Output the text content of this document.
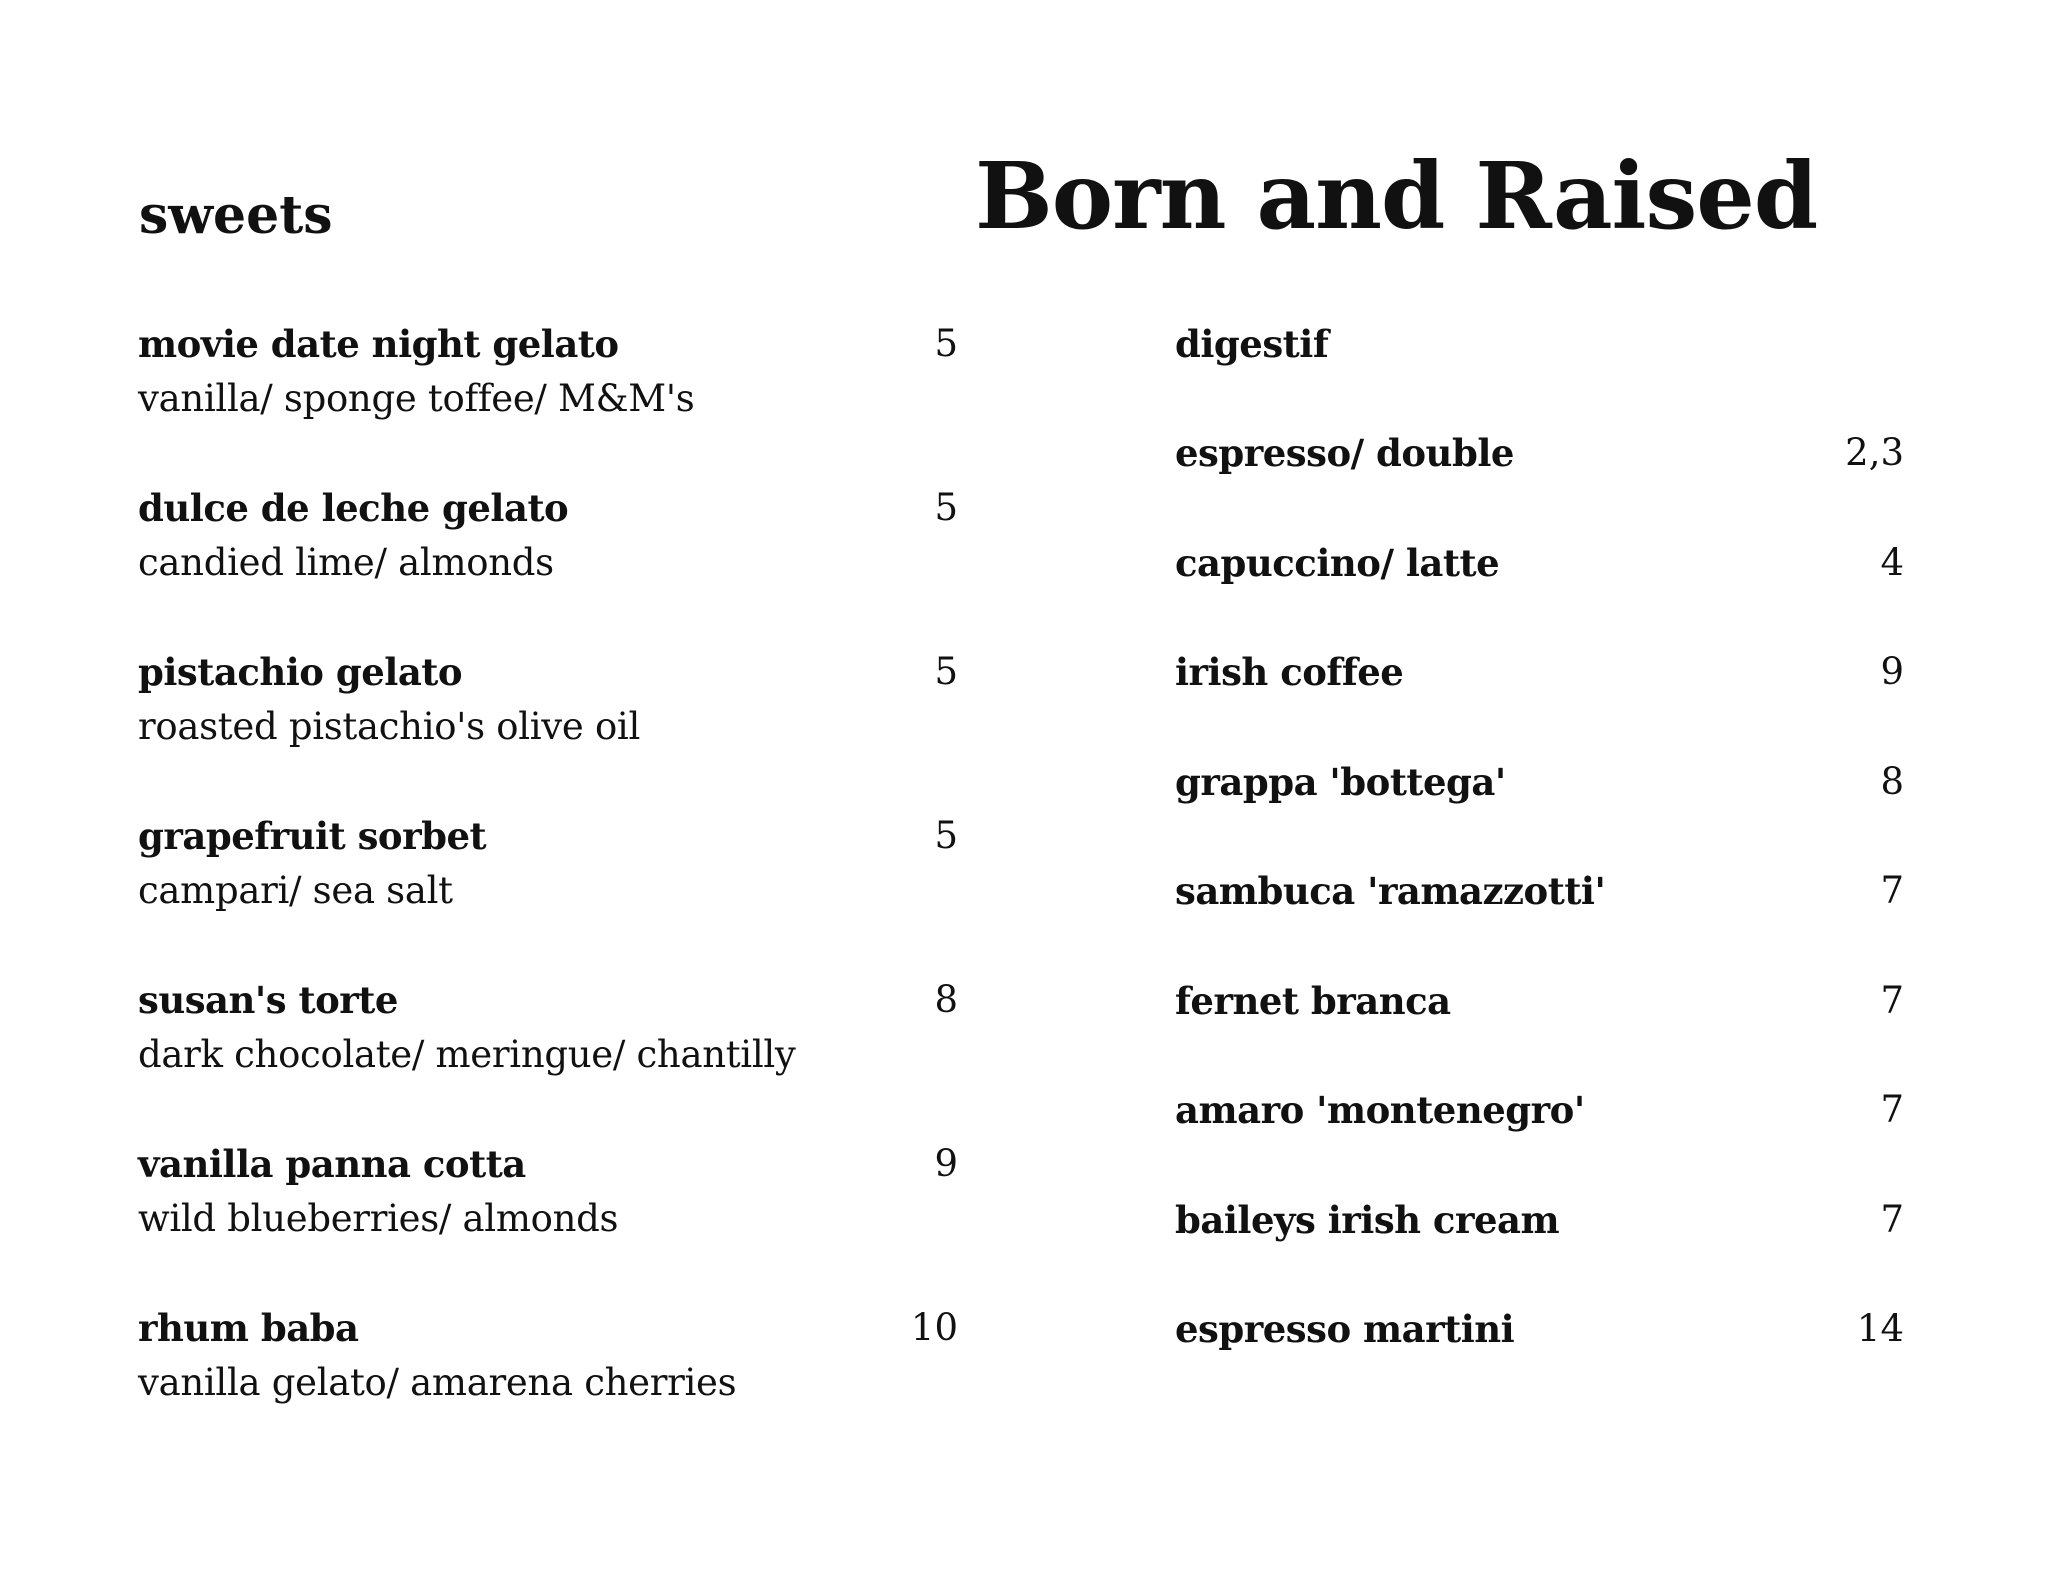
Born and Raised
sweets
movie date night gelato	5
vanilla/ sponge toffee/ M&M's
dulce de leche gelato	5
candied lime/ almonds
pistachio gelato	5
roasted pistachio's olive oil
grapefruit sorbet	5
campari/ sea salt
susan's torte	8
dark chocolate/ meringue/ chantilly
vanilla panna cotta	9
wild blueberries/ almonds
rhum baba	10
vanilla gelato/ amarena cherries
digestif
espresso/ double	2,3
capuccino/ latte	4
irish coffee	9
grappa 'bottega'	8
sambuca 'ramazzotti'	7
fernet branca	7
amaro 'montenegro'	7
baileys irish cream	7
espresso martini	14
